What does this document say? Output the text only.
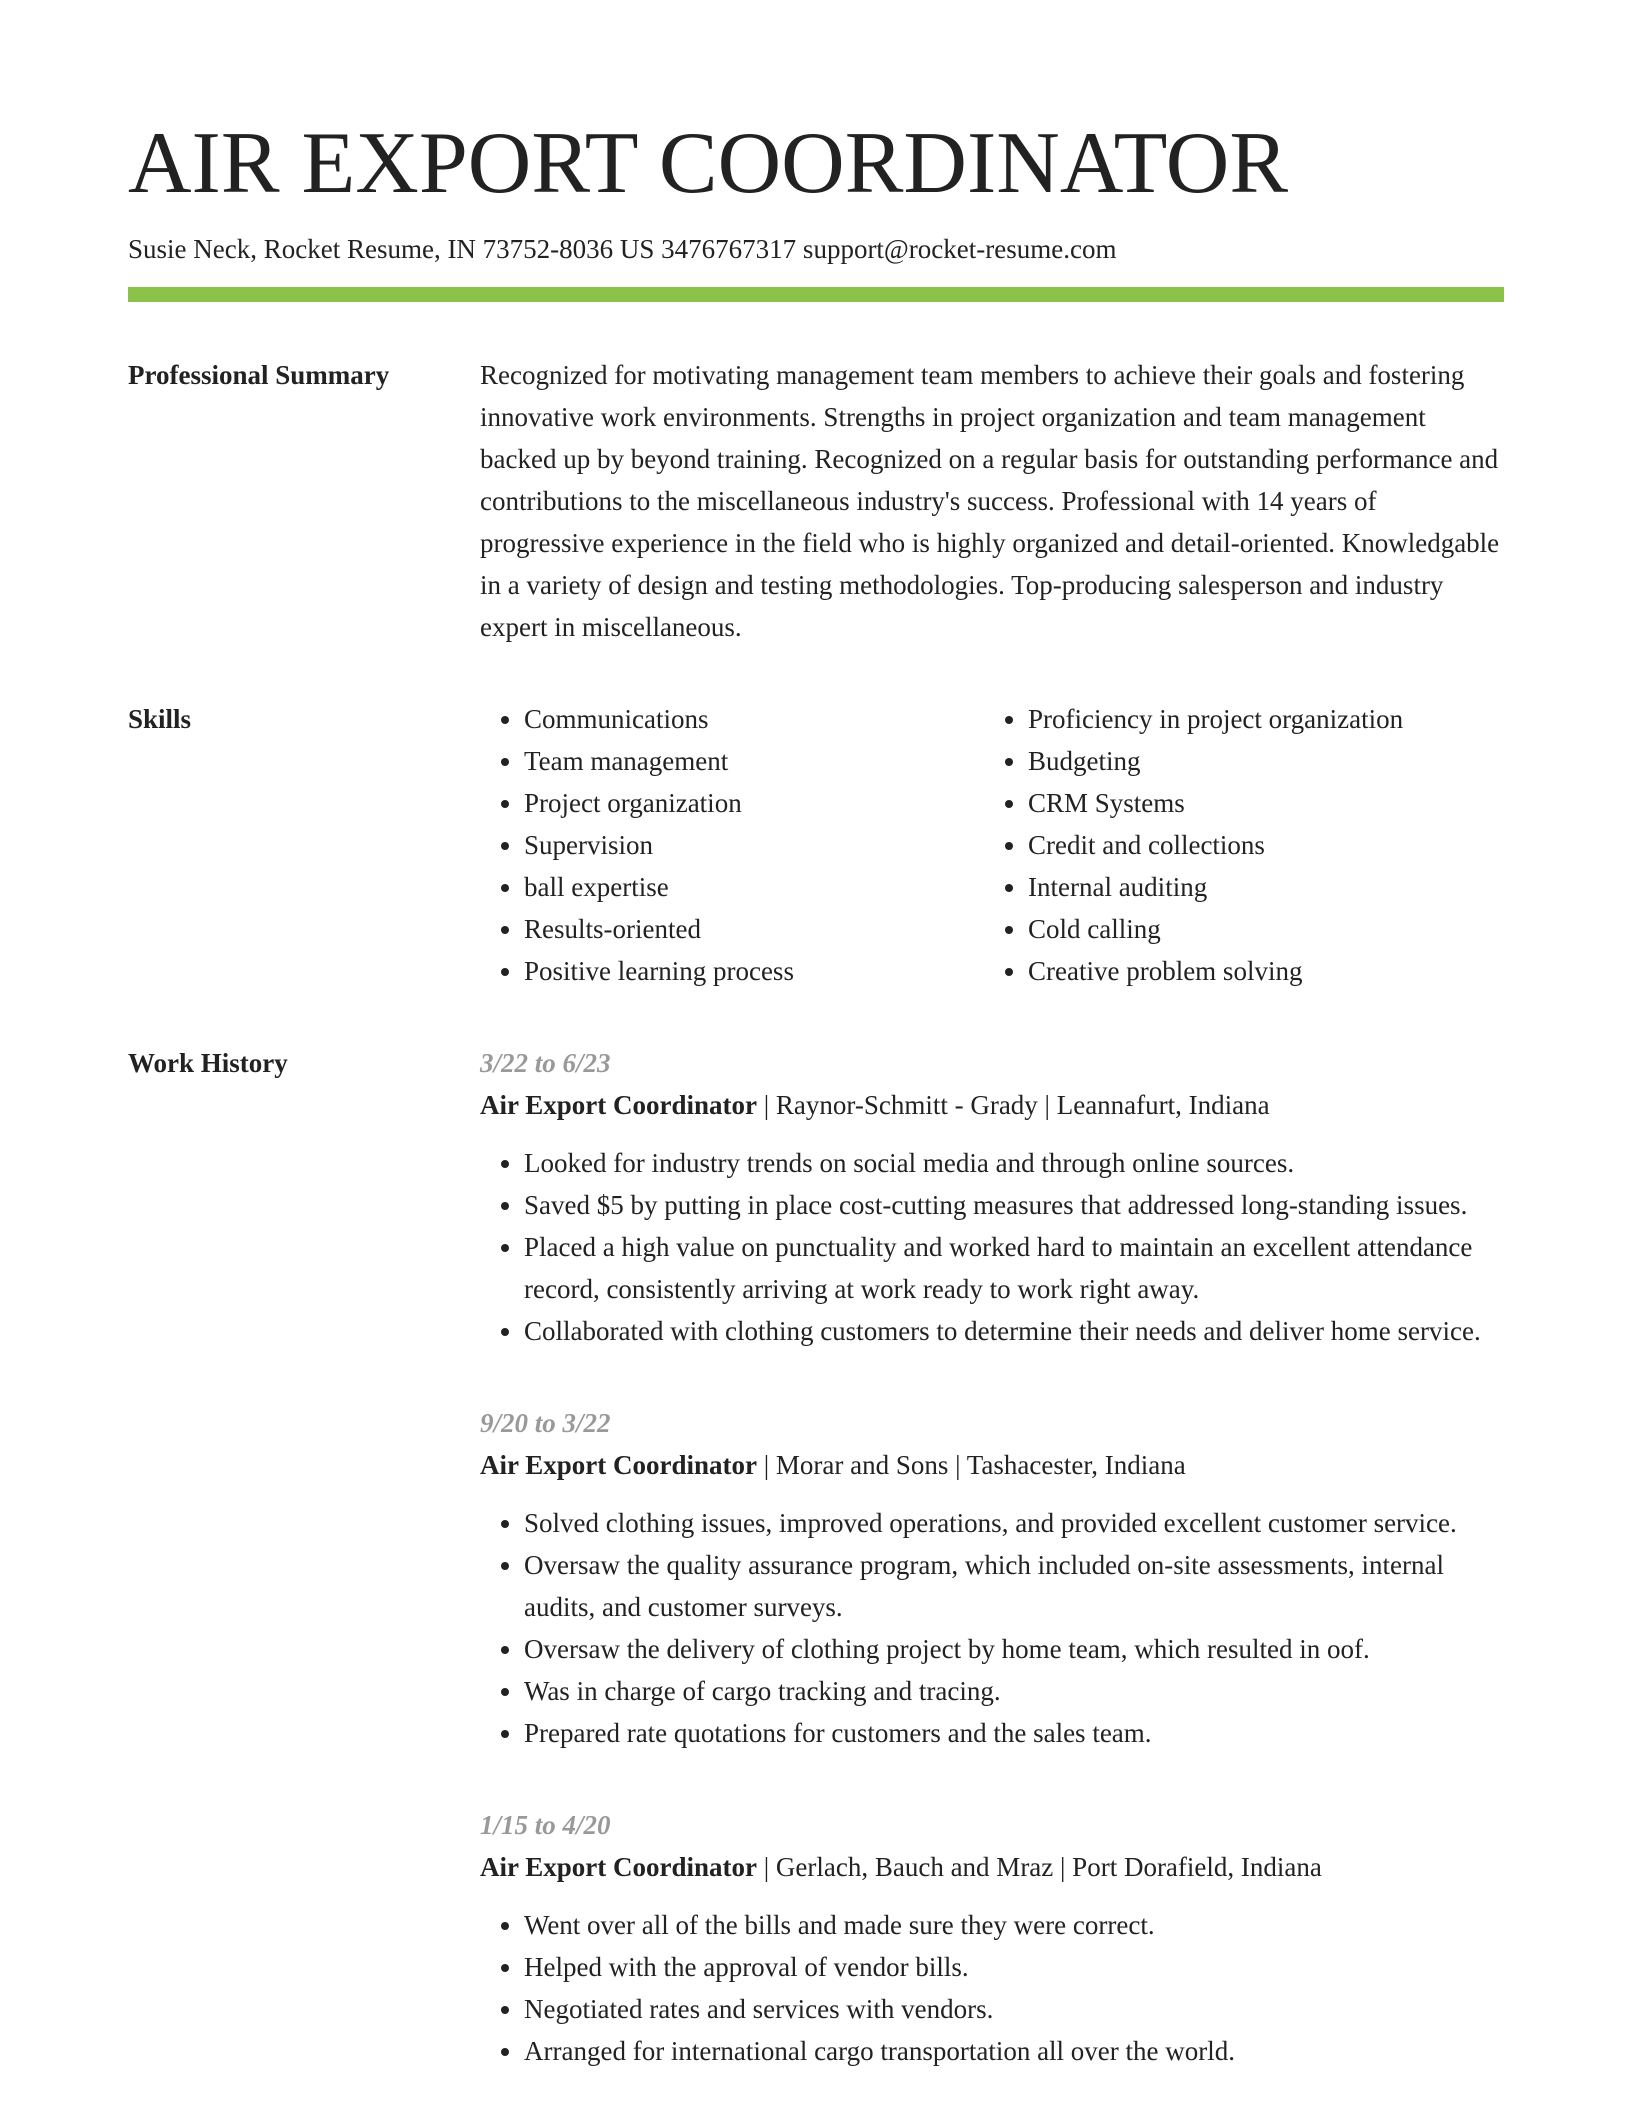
AIR EXPORT COORDINATOR
Susie Neck, Rocket Resume, IN 73752-8036 US 3476767317 support@rocket-resume.com
Professional Summary	Recognized for motivating management team members to achieve their goals and fostering innovative work environments. Strengths in project organization and team management backed up by beyond training. Recognized on a regular basis for outstanding performance and contributions to the miscellaneous industry's success. Professional with 14 years of progressive experience in the field who is highly organized and detail-oriented. Knowledgable in a variety of design and testing methodologies. Top-producing salesperson and industry expert in miscellaneous.

Skills
•	Communications
• Team management
• Project organization
• Supervision
• ball expertise
• Results-oriented
• Positive learning process
• Proficiency in project organization
• Budgeting
• CRM Systems
• Credit and collections
• Internal auditing
• Cold calling
• Creative problem solving
Work History	3/22 to 6/23
Air Export Coordinator | Raynor-Schmitt - Grady | Leannafurt, Indiana
• Looked for industry trends on social media and through online sources.
• Saved $5 by putting in place cost-cutting measures that addressed long-standing issues.
• Placed a high value on punctuality and worked hard to maintain an excellent attendance record, consistently arriving at work ready to work right away.
• Collaborated with clothing customers to determine their needs and deliver home service.
9/20 to 3/22
Air Export Coordinator | Morar and Sons | Tashacester, Indiana
• Solved clothing issues, improved operations, and provided excellent customer service.
• Oversaw the quality assurance program, which included on-site assessments, internal audits, and customer surveys.
• Oversaw the delivery of clothing project by home team, which resulted in oof.
• Was in charge of cargo tracking and tracing.
• Prepared rate quotations for customers and the sales team.
1/15 to 4/20
Air Export Coordinator | Gerlach, Bauch and Mraz | Port Dorafield, Indiana
• Went over all of the bills and made sure they were correct.
• Helped with the approval of vendor bills.
• Negotiated rates and services with vendors.
• Arranged for international cargo transportation all over the world.
